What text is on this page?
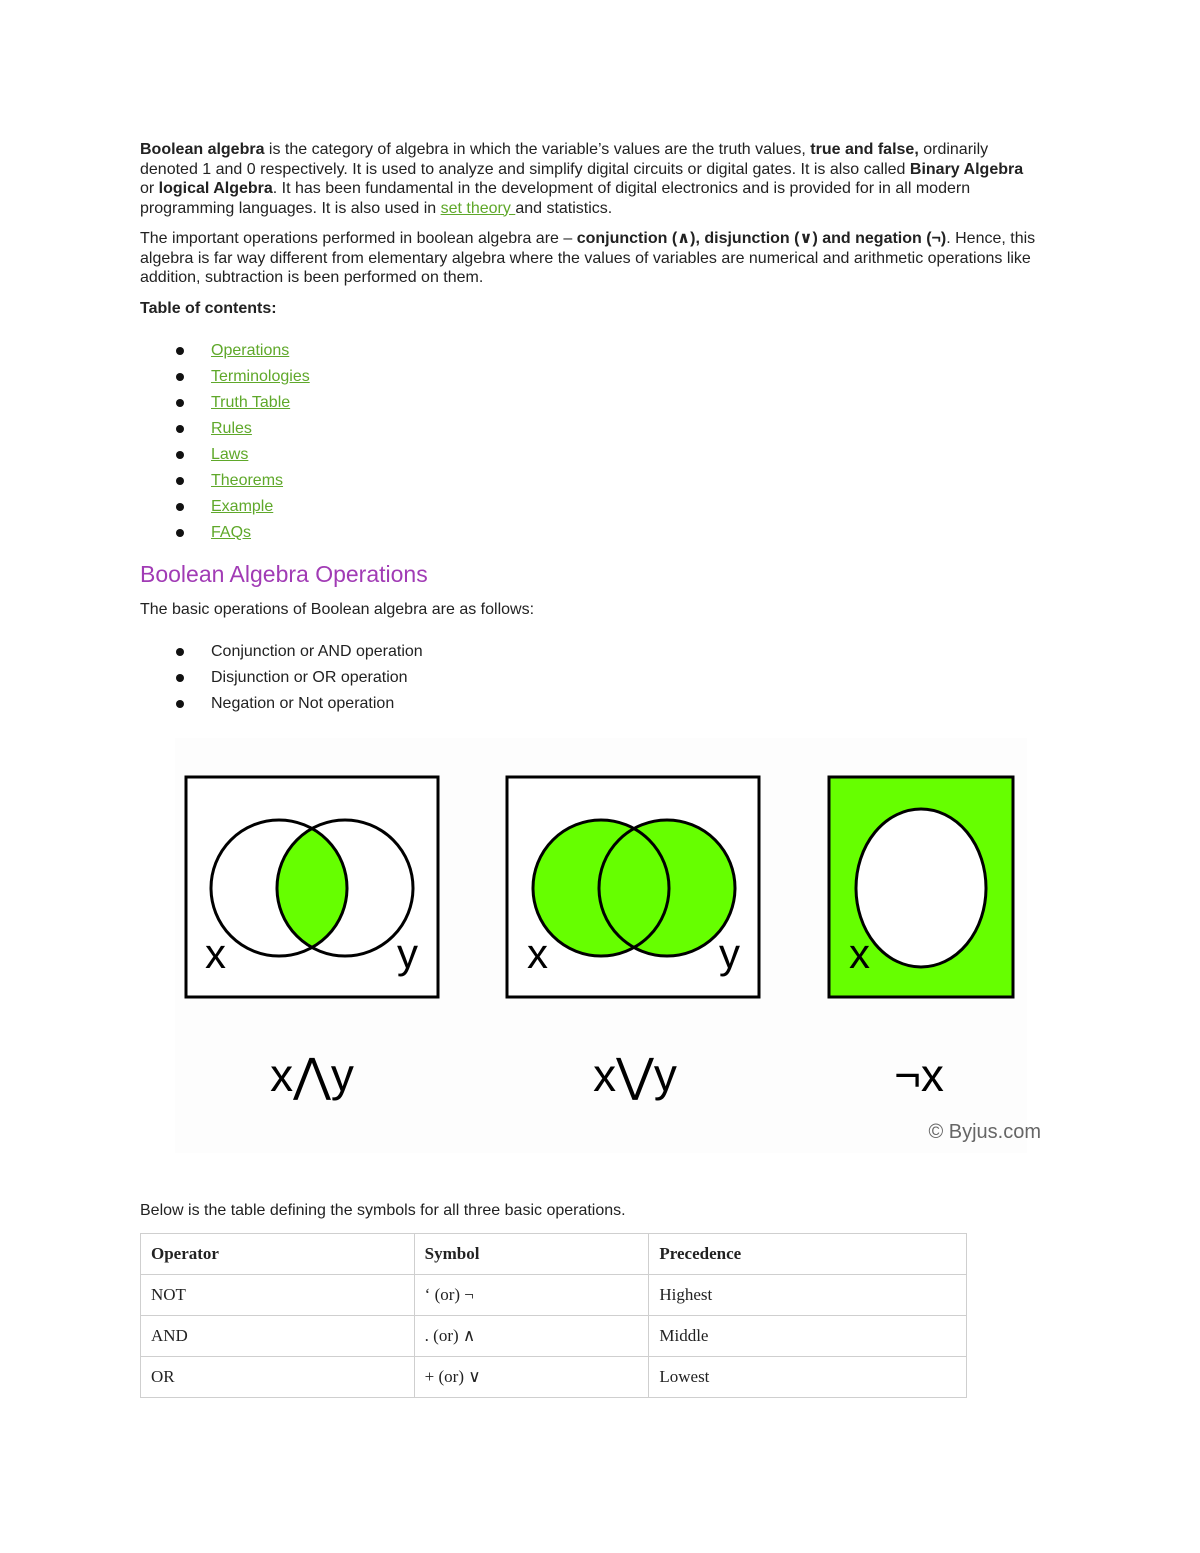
Boolean algebra is the category of algebra in which the variable’s values are the truth values, true and false, ordinarily denoted 1 and 0 respectively. It is used to analyze and simplify digital circuits or digital gates. It is also called Binary Algebra or logical Algebra. It has been fundamental in the development of digital electronics and is provided for in all modern programming languages. It is also used in set theory and statistics.

The important operations performed in boolean algebra are – conjunction (∧), disjunction (∨) and negation (¬). Hence, this algebra is far way different from elementary algebra where the values of variables are numerical and arithmetic operations like addition, subtraction is been performed on them.

Table of contents:

Operations
Terminologies
Truth Table
Rules
Laws
Theorems
Example
FAQs
Boolean Algebra Operations

The basic operations of Boolean algebra are as follows:

Conjunction or AND operation
Disjunction or OR operation
Negation or Not operation
x	y
x⋀y
x	y
x⋁y
x
¬x
© Byjus.com

Below is the table defining the symbols for all three basic operations.

Operator	Symbol	Precedence
NOT	‘ (or) ¬	Highest
AND	. (or) ∧	Middle
OR	+ (or) ∨	Lowest
